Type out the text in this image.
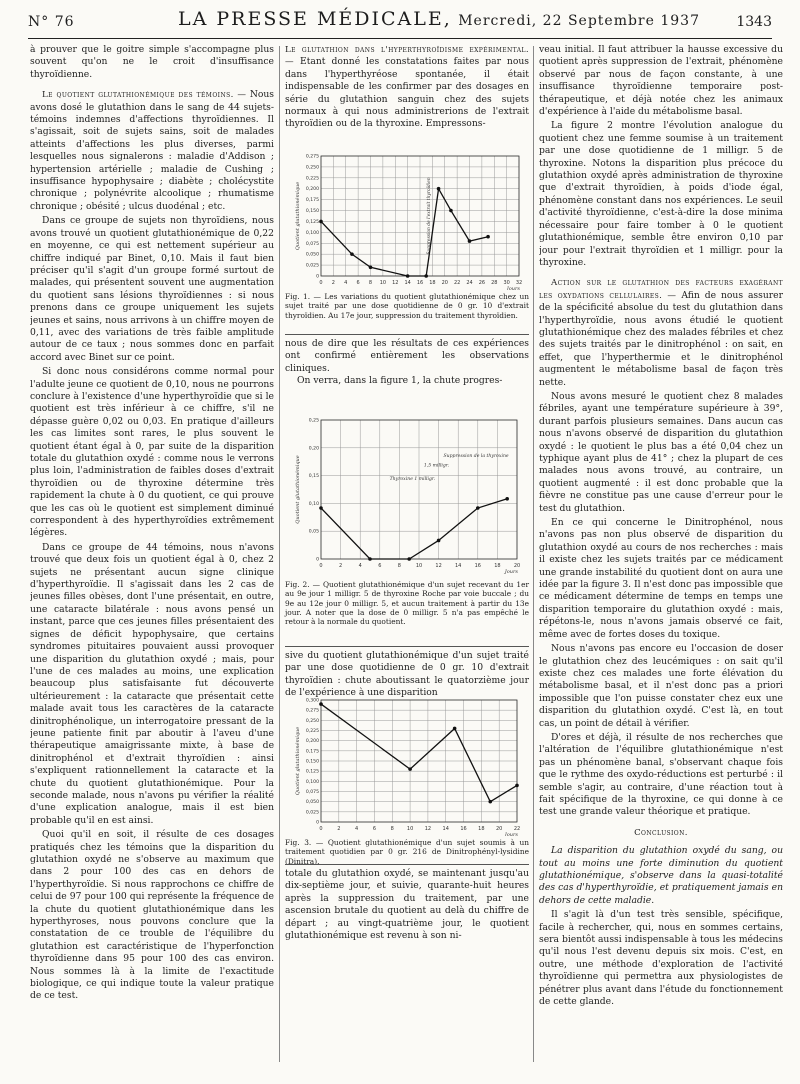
N° 76	LA PRESSE MÉDICALE, Mercredi, 22 Septembre 1937	1343

à prouver que le goitre simple s'accompagne plus souvent qu'on ne le croit d'insuffisance thyroïdienne.

Le quotient glutathionémique des témoins. — Nous avons dosé le glutathion dans le sang de 44 sujets-témoins indemnes d'affections thyroïdiennes. Il s'agissait, soit de sujets sains, soit de malades atteints d'affections les plus diverses, parmi lesquelles nous signalerons : maladie d'Addison ; hypertension artérielle ; maladie de Cushing ; insuffisance hypophysaire ; diabète ; cholécystite chronique ; polynévrite alcoolique ; rhumatisme chronique ; obésité ; ulcus duodénal ; etc.

Dans ce groupe de sujets non thyroïdiens, nous avons trouvé un quotient glutathionémique de 0,22 en moyenne, ce qui est nettement supérieur au chiffre indiqué par Binet, 0,10. Mais il faut bien préciser qu'il s'agit d'un groupe formé surtout de malades, qui présentent souvent une augmentation du quotient sans lésions thyroïdiennes : si nous prenons dans ce groupe uniquement les sujets jeunes et sains, nous arrivons à un chiffre moyen de 0,11, avec des variations de très faible amplitude autour de ce taux ; nous sommes donc en parfait accord avec Binet sur ce point.

Si donc nous considérons comme normal pour l'adulte jeune ce quotient de 0,10, nous ne pourrons conclure à l'existence d'une hyperthyroïdie que si le quotient est très inférieur à ce chiffre, s'il ne dépasse guère 0,02 ou 0,03. En pratique d'ailleurs les cas limites sont rares, le plus souvent le quotient étant égal à 0, par suite de la disparition totale du glutathion oxydé : comme nous le verrons plus loin, l'administration de faibles doses d'extrait thyroïdien ou de thyroxine détermine très rapidement la chute à 0 du quotient, ce qui prouve que les cas où le quotient est simplement diminué correspondent à des hyperthyroïdies extrêmement légères.

Dans ce groupe de 44 témoins, nous n'avons trouvé que deux fois un quotient égal à 0, chez 2 sujets ne présentant aucun signe clinique d'hyperthyroïdie. Il s'agissait dans les 2 cas de jeunes filles obèses, dont l'une présentait, en outre, une cataracte bilatérale : nous avons pensé un instant, parce que ces jeunes filles présentaient des signes de déficit hypophysaire, que certains syndromes pituitaires pouvaient aussi provoquer une disparition du glutathion oxydé ; mais, pour l'une de ces malades au moins, une explication beaucoup plus satisfaisante fut découverte ultérieurement : la cataracte que présentait cette malade avait tous les caractères de la cataracte dinitrophénolique, un interrogatoire pressant de la jeune patiente finit par aboutir à l'aveu d'une thérapeutique amaigrissante mixte, à base de dinitrophénol et d'extrait thyroïdien : ainsi s'expliquent rationnellement la cataracte et la chute du quotient glutathionémique. Pour la seconde malade, nous n'avons pu vérifier la réalité d'une explication analogue, mais il est bien probable qu'il en est ainsi.

Quoi qu'il en soit, il résulte de ces dosages pratiqués chez les témoins que la disparition du glutathion oxydé ne s'observe au maximum que dans 2 pour 100 des cas en dehors de l'hyperthyroïdie. Si nous rapprochons ce chiffre de celui de 97 pour 100 qui représente la fréquence de la chute du quotient glutathionémique dans les hyperthyroses, nous pouvons conclure que la constatation de ce trouble de l'équilibre du glutathion est caractéristique de l'hyperfonction thyroïdienne dans 95 pour 100 des cas environ. Nous sommes là à la limite de l'exactitude biologique, ce qui indique toute la valeur pratique de ce test.

Le glutathion dans l'hyperthyroïdisme expérimental. — Etant donné les constatations faites par nous dans l'hyperthyréose spontanée, il était indispensable de les confirmer par des dosages en série du glutathion sanguin chez des sujets normaux à qui nous administrerions de l'extrait thyroïdien ou de la thyroxine. Empressons-

0 2 4 6 8 10 12 14 16 18 20 22 24 26 28 30 32
0,275
0,250
0,225
0,200
0,175
0,150
0,125
0,100
0,075
0,050
0,025
0
Quotient glutathionémique
Jours
Suppression de l'extrait thyroïdien

Fig. 1. — Les variations du quotient glutathionémique chez un sujet traité par une dose quotidienne de 0 gr. 10 d'extrait thyroïdien. Au 17e jour, suppression du traitement thyroïdien.

nous de dire que les résultats de ces expériences ont confirmé entièrement les observations cliniques.

On verra, dans la figure 1, la chute progres-

0	2	4	6	8	10	12	14	16	18	20
0,25
0,20
0,15
0,10
0,05
0
Quotient glutathionémique
Jours
1,5 milligr.
Thyroxine 1 milligr.
Suppression de la thyroxine

Fig. 2. — Quotient glutathionémique d'un sujet recevant du 1er au 9e jour 1 milligr. 5 de thyroxine Roche par voie buccale ; du 9e au 12e jour 0 milligr. 5, et aucun traitement à partir du 13e jour. A noter que la dose de 0 milligr. 5 n'a pas empêché le retour à la normale du quotient.

sive du quotient glutathionémique d'un sujet traité par une dose quotidienne de 0 gr. 10 d'extrait thyroïdien : chute aboutissant le quatorzième jour de l'expérience à une disparition

0	2	4	6	8	10 12 14 16 18 20 22
0,300
0,275
0,250
0,225
0,200
0,175
0,150
0,125
0,100
0,075
0,050
0,025
0
Quotient glutathionémique
Jours

Fig. 3. — Quotient glutathionémique d'un sujet soumis à un traitement quotidien par 0 gr. 216 de Dinitrophényl-lysidine (Dinitra).

totale du glutathion oxydé, se maintenant jusqu'au dix-septième jour, et suivie, quarante-huit heures après la suppression du traitement, par une ascension brutale du quotient au delà du chiffre de départ ; au vingt-quatrième jour, le quotient glutathionémique est revenu à son ni-

veau initial. Il faut attribuer la hausse excessive du quotient après suppression de l'extrait, phénomène observé par nous de façon constante, à une insuffisance thyroïdienne temporaire post-thérapeutique, et déjà notée chez les animaux d'expérience à l'aide du métabolisme basal.

La figure 2 montre l'évolution analogue du quotient chez une femme soumise à un traitement par une dose quotidienne de 1 milligr. 5 de thyroxine. Notons la disparition plus précoce du glutathion oxydé après administration de thyroxine que d'extrait thyroïdien, à poids d'iode égal, phénomène constant dans nos expériences. Le seuil d'activité thyroïdienne, c'est-à-dire la dose minima nécessaire pour faire tomber à 0 le quotient glutathionémique, semble être environ 0,10 par jour pour l'extrait thyroïdien et 1 milligr. pour la thyroxine.

Action sur le glutathion des facteurs exagérant les oxydations cellulaires. — Afin de nous assurer de la spécificité absolue du test du glutathion dans l'hyperthyroïdie, nous avons étudié le quotient glutathionémique chez des malades fébriles et chez des sujets traités par le dinitrophénol : on sait, en effet, que l'hyperthermie et le dinitrophénol augmentent le métabolisme basal de façon très nette.

Nous avons mesuré le quotient chez 8 malades fébriles, ayant une température supérieure à 39°, durant parfois plusieurs semaines. Dans aucun cas nous n'avons observé de disparition du glutathion oxydé : le quotient le plus bas a été 0,04 chez un typhique ayant plus de 41° ; chez la plupart de ces malades nous avons trouvé, au contraire, un quotient augmenté : il est donc probable que la fièvre ne constitue pas une cause d'erreur pour le test du glutathion.

En ce qui concerne le Dinitrophénol, nous n'avons pas non plus observé de disparition du glutathion oxydé au cours de nos recherches : mais il existe chez les sujets traités par ce médicament une grande instabilité du quotient dont on aura une idée par la figure 3. Il n'est donc pas impossible que ce médicament détermine de temps en temps une disparition temporaire du glutathion oxydé : mais, répétons-le, nous n'avons jamais observé ce fait, même avec de fortes doses du toxique.

Nous n'avons pas encore eu l'occasion de doser le glutathion chez des leucémiques : on sait qu'il existe chez ces malades une forte élévation du métabolisme basal, et il n'est donc pas a priori impossible que l'on puisse constater chez eux une disparition du glutathion oxydé. C'est là, en tout cas, un point de détail à vérifier.

D'ores et déjà, il résulte de nos recherches que l'altération de l'équilibre glutathionémique n'est pas un phénomène banal, s'observant chaque fois que le rythme des oxydo-réductions est perturbé : il semble s'agir, au contraire, d'une réaction tout à fait spécifique de la thyroxine, ce qui donne à ce test une grande valeur théorique et pratique.

Conclusion.

La disparition du glutathion oxydé du sang, ou tout au moins une forte diminution du quotient glutathionémique, s'observe dans la quasi-totalité des cas d'hyperthyroïdie, et pratiquement jamais en dehors de cette maladie.

Il s'agit là d'un test très sensible, spécifique, facile à rechercher, qui, nous en sommes certains, sera bientôt aussi indispensable à tous les médecins qu'il nous l'est devenu depuis six mois. C'est, en outre, une méthode d'exploration de l'activité thyroïdienne qui permettra aux physiologistes de pénétrer plus avant dans l'étude du fonctionnement de cette glande.
